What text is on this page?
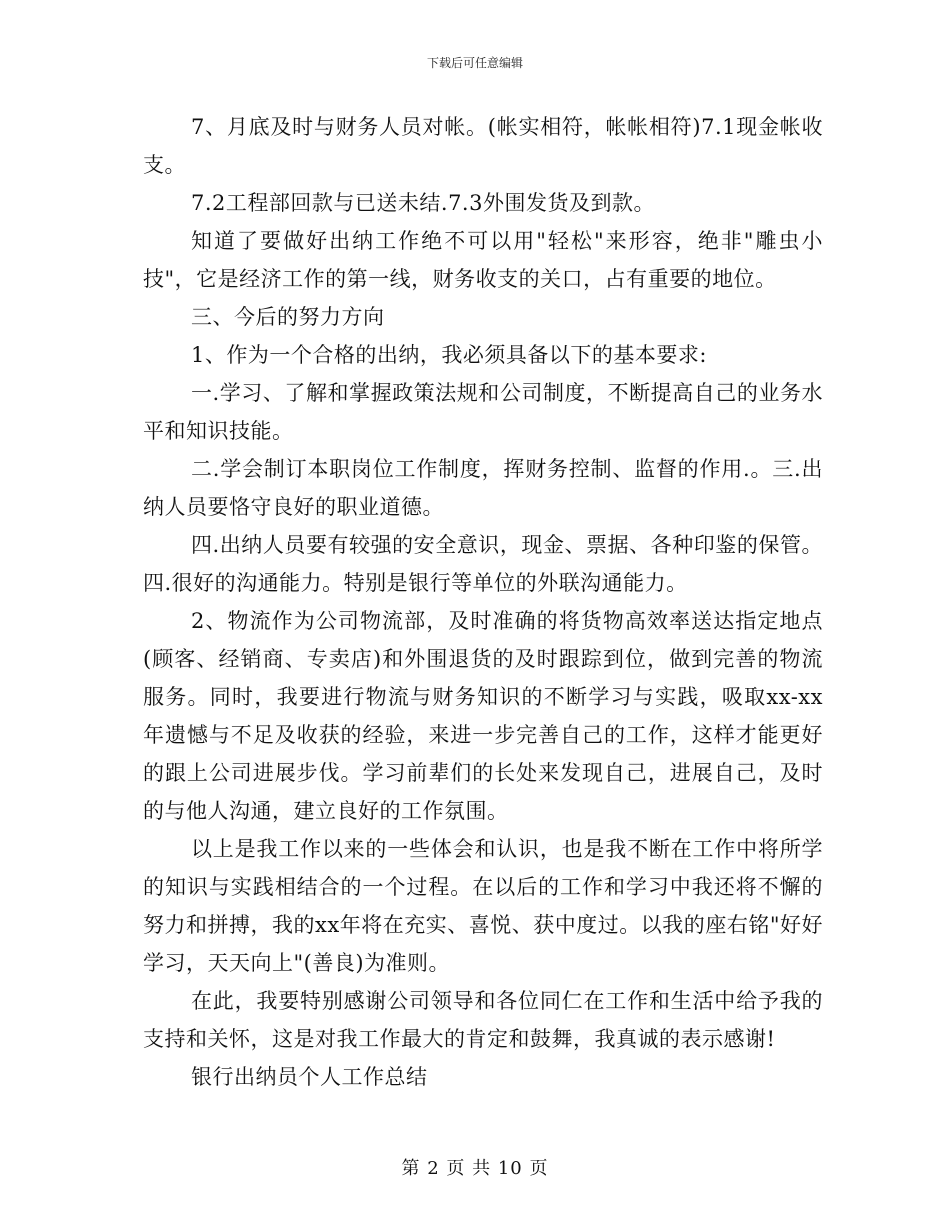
下载后可任意编辑

7、月底及时与财务人员对帐。(帐实相符，帐帐相符)7.1现金帐收支。

7.2工程部回款与已送未结.7.3外围发货及到款。

知道了要做好出纳工作绝不可以用"轻松"来形容，绝非"雕虫小技"，它是经济工作的第一线，财务收支的关口，占有重要的地位。

三、今后的努力方向

1、作为一个合格的出纳，我必须具备以下的基本要求:

一.学习、了解和掌握政策法规和公司制度，不断提高自己的业务水平和知识技能。

二.学会制订本职岗位工作制度，挥财务控制、监督的作用.。三.出纳人员要恪守良好的职业道德。

四.出纳人员要有较强的安全意识，现金、票据、各种印鉴的保管。四.很好的沟通能力。特别是银行等单位的外联沟通能力。

2、物流作为公司物流部，及时准确的将货物高效率送达指定地点(顾客、经销商、专卖店)和外围退货的及时跟踪到位，做到完善的物流服务。同时，我要进行物流与财务知识的不断学习与实践，吸取xx-xx年遗憾与不足及收获的经验，来进一步完善自己的工作，这样才能更好的跟上公司进展步伐。学习前辈们的长处来发现自己，进展自己，及时的与他人沟通，建立良好的工作氛围。

以上是我工作以来的一些体会和认识，也是我不断在工作中将所学的知识与实践相结合的一个过程。在以后的工作和学习中我还将不懈的努力和拼搏，我的xx年将在充实、喜悦、获中度过。以我的座右铭"好好学习，天天向上"(善良)为准则。

在此，我要特别感谢公司领导和各位同仁在工作和生活中给予我的支持和关怀，这是对我工作最大的肯定和鼓舞，我真诚的表示感谢!

银行出纳员个人工作总结

第 2 页 共 10 页
